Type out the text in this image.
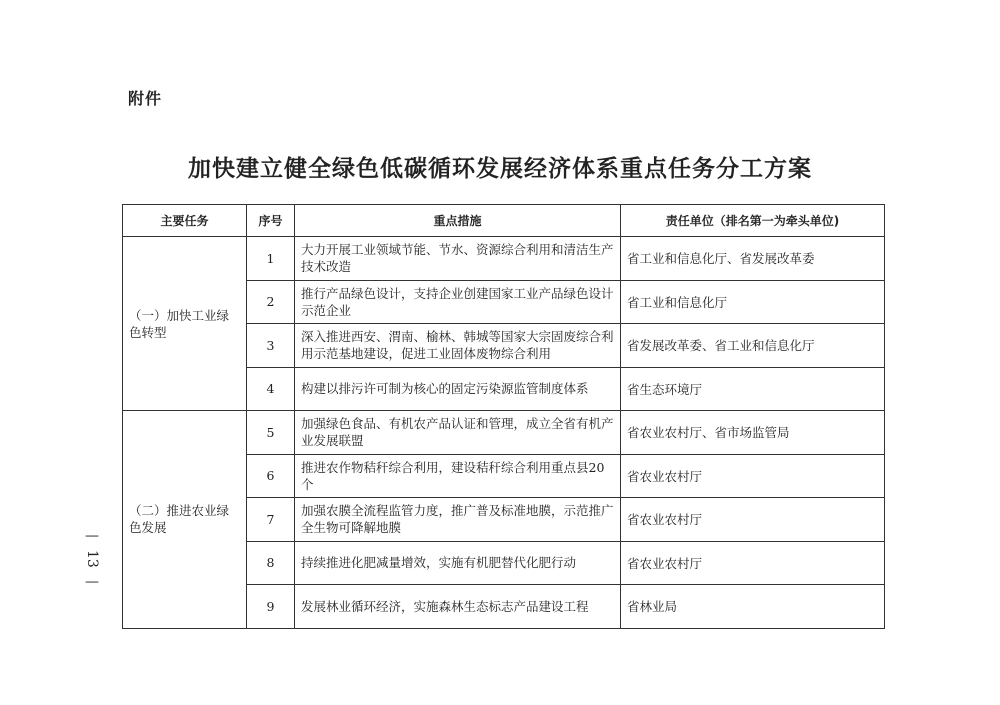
附件
加快建立健全绿色低碳循环发展经济体系重点任务分工方案
主要任务	序号	重点措施	责任单位（排名第一为牵头单位)
（一）加快工业绿色转型	1	大力开展工业领域节能、节水、资源综合利用和清洁生产技术改造	省工业和信息化厅、省发展改革委
	2	推行产品绿色设计，支持企业创建国家工业产品绿色设计示范企业	省工业和信息化厅
	3	深入推进西安、渭南、榆林、韩城等国家大宗固废综合利用示范基地建设，促进工业固体废物综合利用	省发展改革委、省工业和信息化厅
	4	构建以排污许可制为核心的固定污染源监管制度体系	省生态环境厅
（二）推进农业绿色发展	5	加强绿色食品、有机农产品认证和管理，成立全省有机产业发展联盟	省农业农村厅、省市场监管局
	6	推进农作物秸秆综合利用，建设秸秆综合利用重点县20个	省农业农村厅
	7	加强农膜全流程监管力度，推广普及标准地膜，示范推广全生物可降解地膜	省农业农村厅
	8	持续推进化肥减量增效，实施有机肥替代化肥行动	省农业农村厅
	9	发展林业循环经济，实施森林生态标志产品建设工程	省林业局
—
13
—
